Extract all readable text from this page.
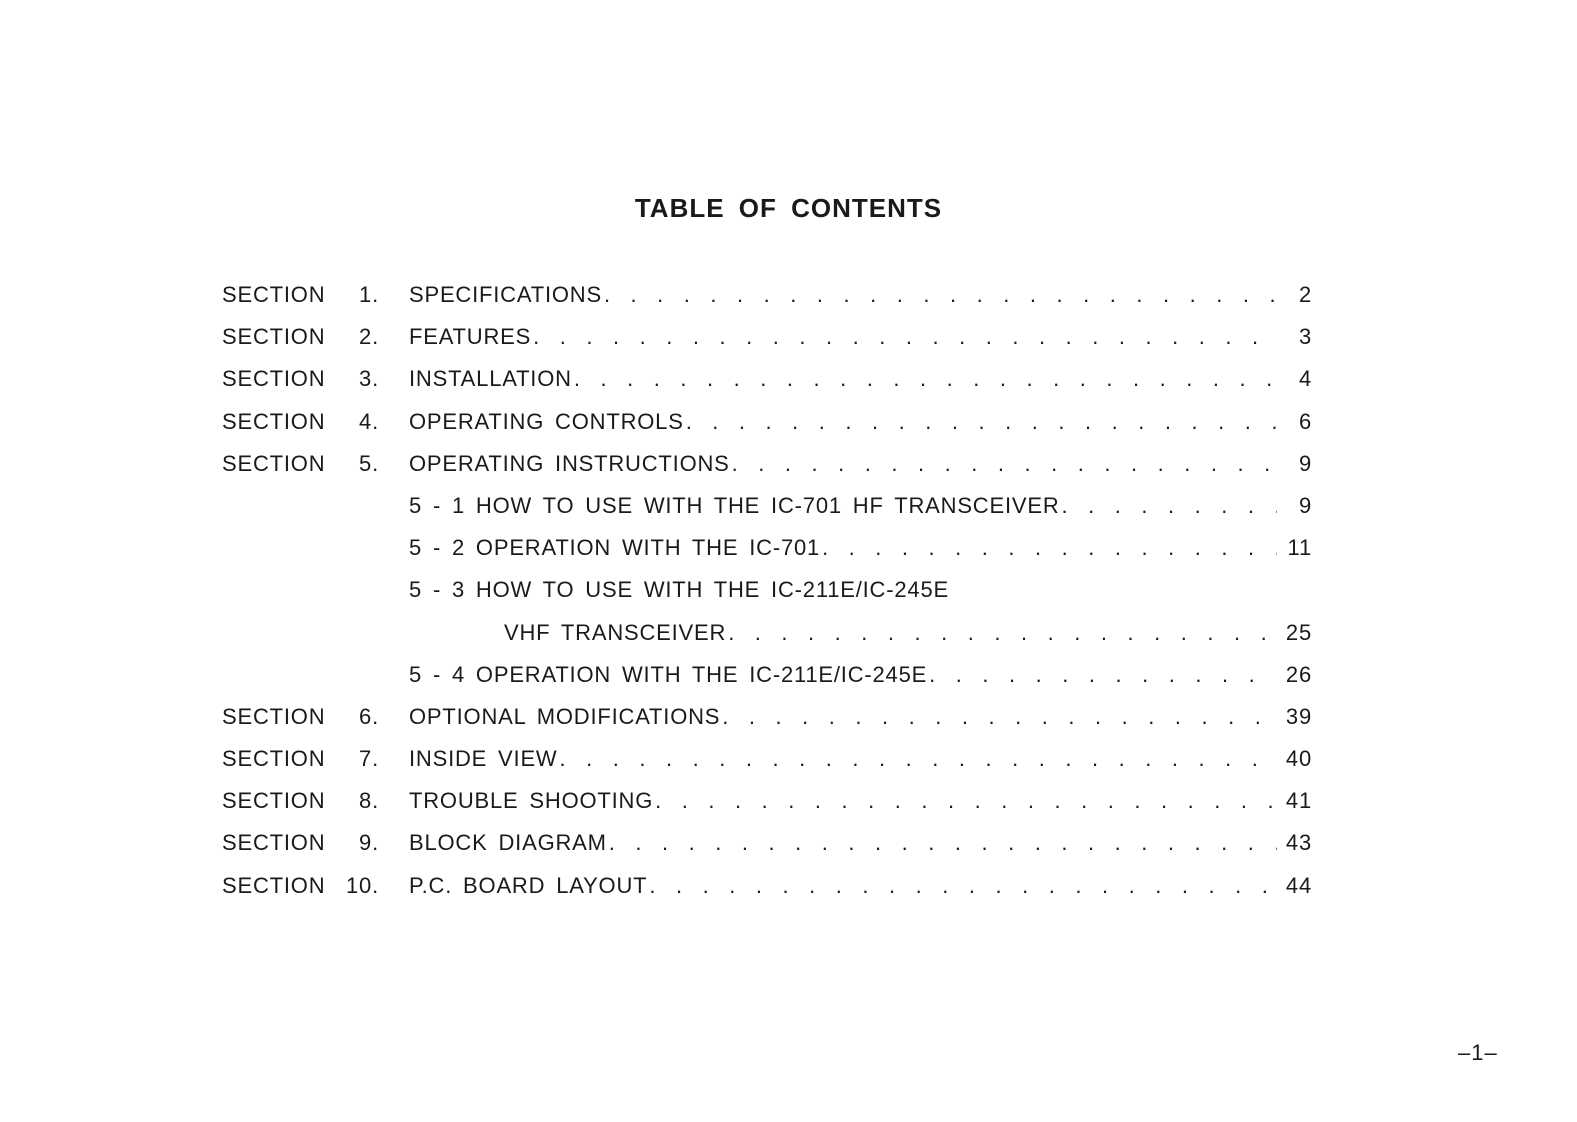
TABLE OF CONTENTS
SECTION 1. SPECIFICATIONS . . .	2
SECTION 2. FEATURES . . .	3
SECTION 3. INSTALLATION . . .	4
SECTION 4. OPERATING CONTROLS . . .	6
SECTION 5. OPERATING INSTRUCTIONS . . .	9
5 - 1 HOW TO USE WITH THE IC-701 HF TRANSCEIVER . . .	9
5 - 2 OPERATION WITH THE IC-701 . . .	11
5 - 3 HOW TO USE WITH THE IC-211E/IC-245E
VHF TRANSCEIVER . . .	25
5 - 4 OPERATION WITH THE IC-211E/IC-245E . . .	26
SECTION 6. OPTIONAL MODIFICATIONS . . .	39
SECTION 7. INSIDE VIEW . . .	40
SECTION 8. TROUBLE SHOOTING . . .	41
SECTION 9. BLOCK DIAGRAM . . .	43
SECTION 10. P.C. BOARD LAYOUT . . .	44
–1–
